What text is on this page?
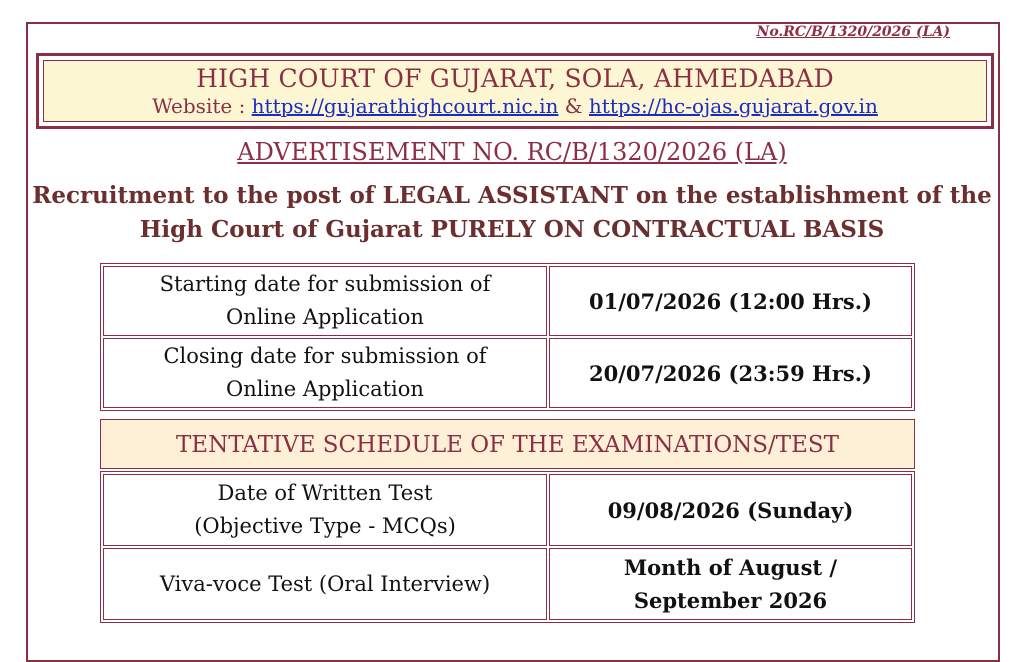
No.RC/B/1320/2026 (LA)
HIGH COURT OF GUJARAT, SOLA, AHMEDABAD
Website : https://gujarathighcourt.nic.in & https://hc-ojas.gujarat.gov.in
ADVERTISEMENT NO. RC/B/1320/2026 (LA)
Recruitment to the post of LEGAL ASSISTANT on the establishment of the
High Court of Gujarat PURELY ON CONTRACTUAL BASIS
Starting date for submission of
Online Application	01/07/2026 (12:00 Hrs.)

Closing date for submission of
Online Application	20/07/2026 (23:59 Hrs.)
TENTATIVE SCHEDULE OF THE EXAMINATIONS/TEST
Date of Written Test
(Objective Type - MCQs)	09/08/2026 (Sunday)

Viva-voce Test (Oral Interview)	Month of August /
September 2026
